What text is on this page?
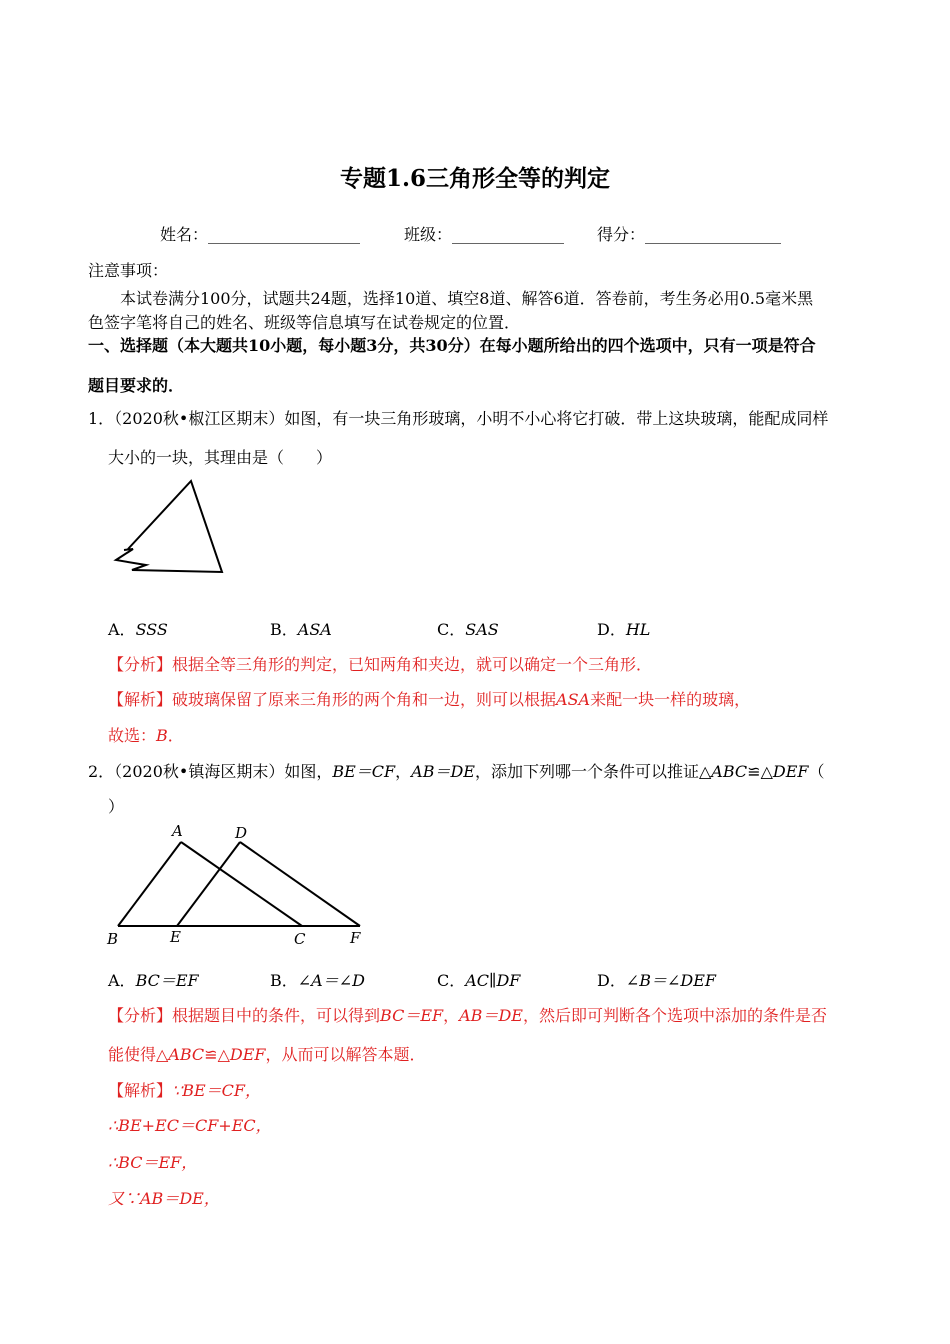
专题1.6三角形全等的判定
姓名：___________________	班级：______________ 得分：_________________
注意事项：
本试卷满分100分，试题共24题，选择10道、填空8道、解答6道．答卷前，考生务必用0.5毫米黑
色签字笔将自己的姓名、班级等信息填写在试卷规定的位置．
一、选择题（本大题共10小题，每小题3分，共30分）在每小题所给出的四个选项中，只有一项是符合
题目要求的．
1．（2020秋•椒江区期末）如图，有一块三角形玻璃，小明不小心将它打破．带上这块玻璃，能配成同样
大小的一块，其理由是（　　）
A．SSS	B．ASA	C．SAS	D．HL
【分析】根据全等三角形的判定，已知两角和夹边，就可以确定一个三角形．
【解析】破玻璃保留了原来三角形的两个角和一边，则可以根据ASA来配一块一样的玻璃，
故选：B．
2．（2020秋•镇海区期末）如图，BE＝CF，AB＝DE，添加下列哪一个条件可以推证△ABC≌△DEF（
）
A	D
B	E	C	F
A．BC＝EF	B．∠A＝∠D	C．AC∥DF	D．∠B＝∠DEF
【分析】根据题目中的条件，可以得到BC＝EF，AB＝DE，然后即可判断各个选项中添加的条件是否
能使得△ABC≌△DEF，从而可以解答本题．
【解析】∵BE＝CF，
∴BE+EC＝CF+EC，
∴BC＝EF，
又∵AB＝DE，
